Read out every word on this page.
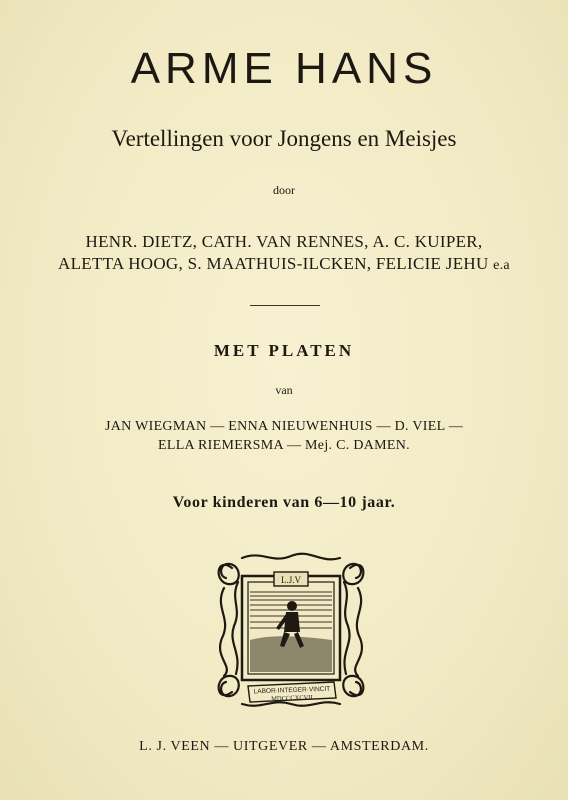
ARME HANS
Vertellingen voor Jongens en Meisjes
door
HENR. DIETZ, CATH. VAN RENNES, A. C. KUIPER,
ALETTA HOOG, S. MAATHUIS-ILCKEN, FELICIE JEHU e.a
MET PLATEN
van
JAN WIEGMAN — ENNA NIEUWENHUIS — D. VIEL —
ELLA RIEMERSMA — Mej. C. DAMEN.
Voor kinderen van 6—10 jaar.
L.J.V
LABOR·INTEGER·VINCIT
MDCCCXCVII
L. J. VEEN — UITGEVER — AMSTERDAM.
